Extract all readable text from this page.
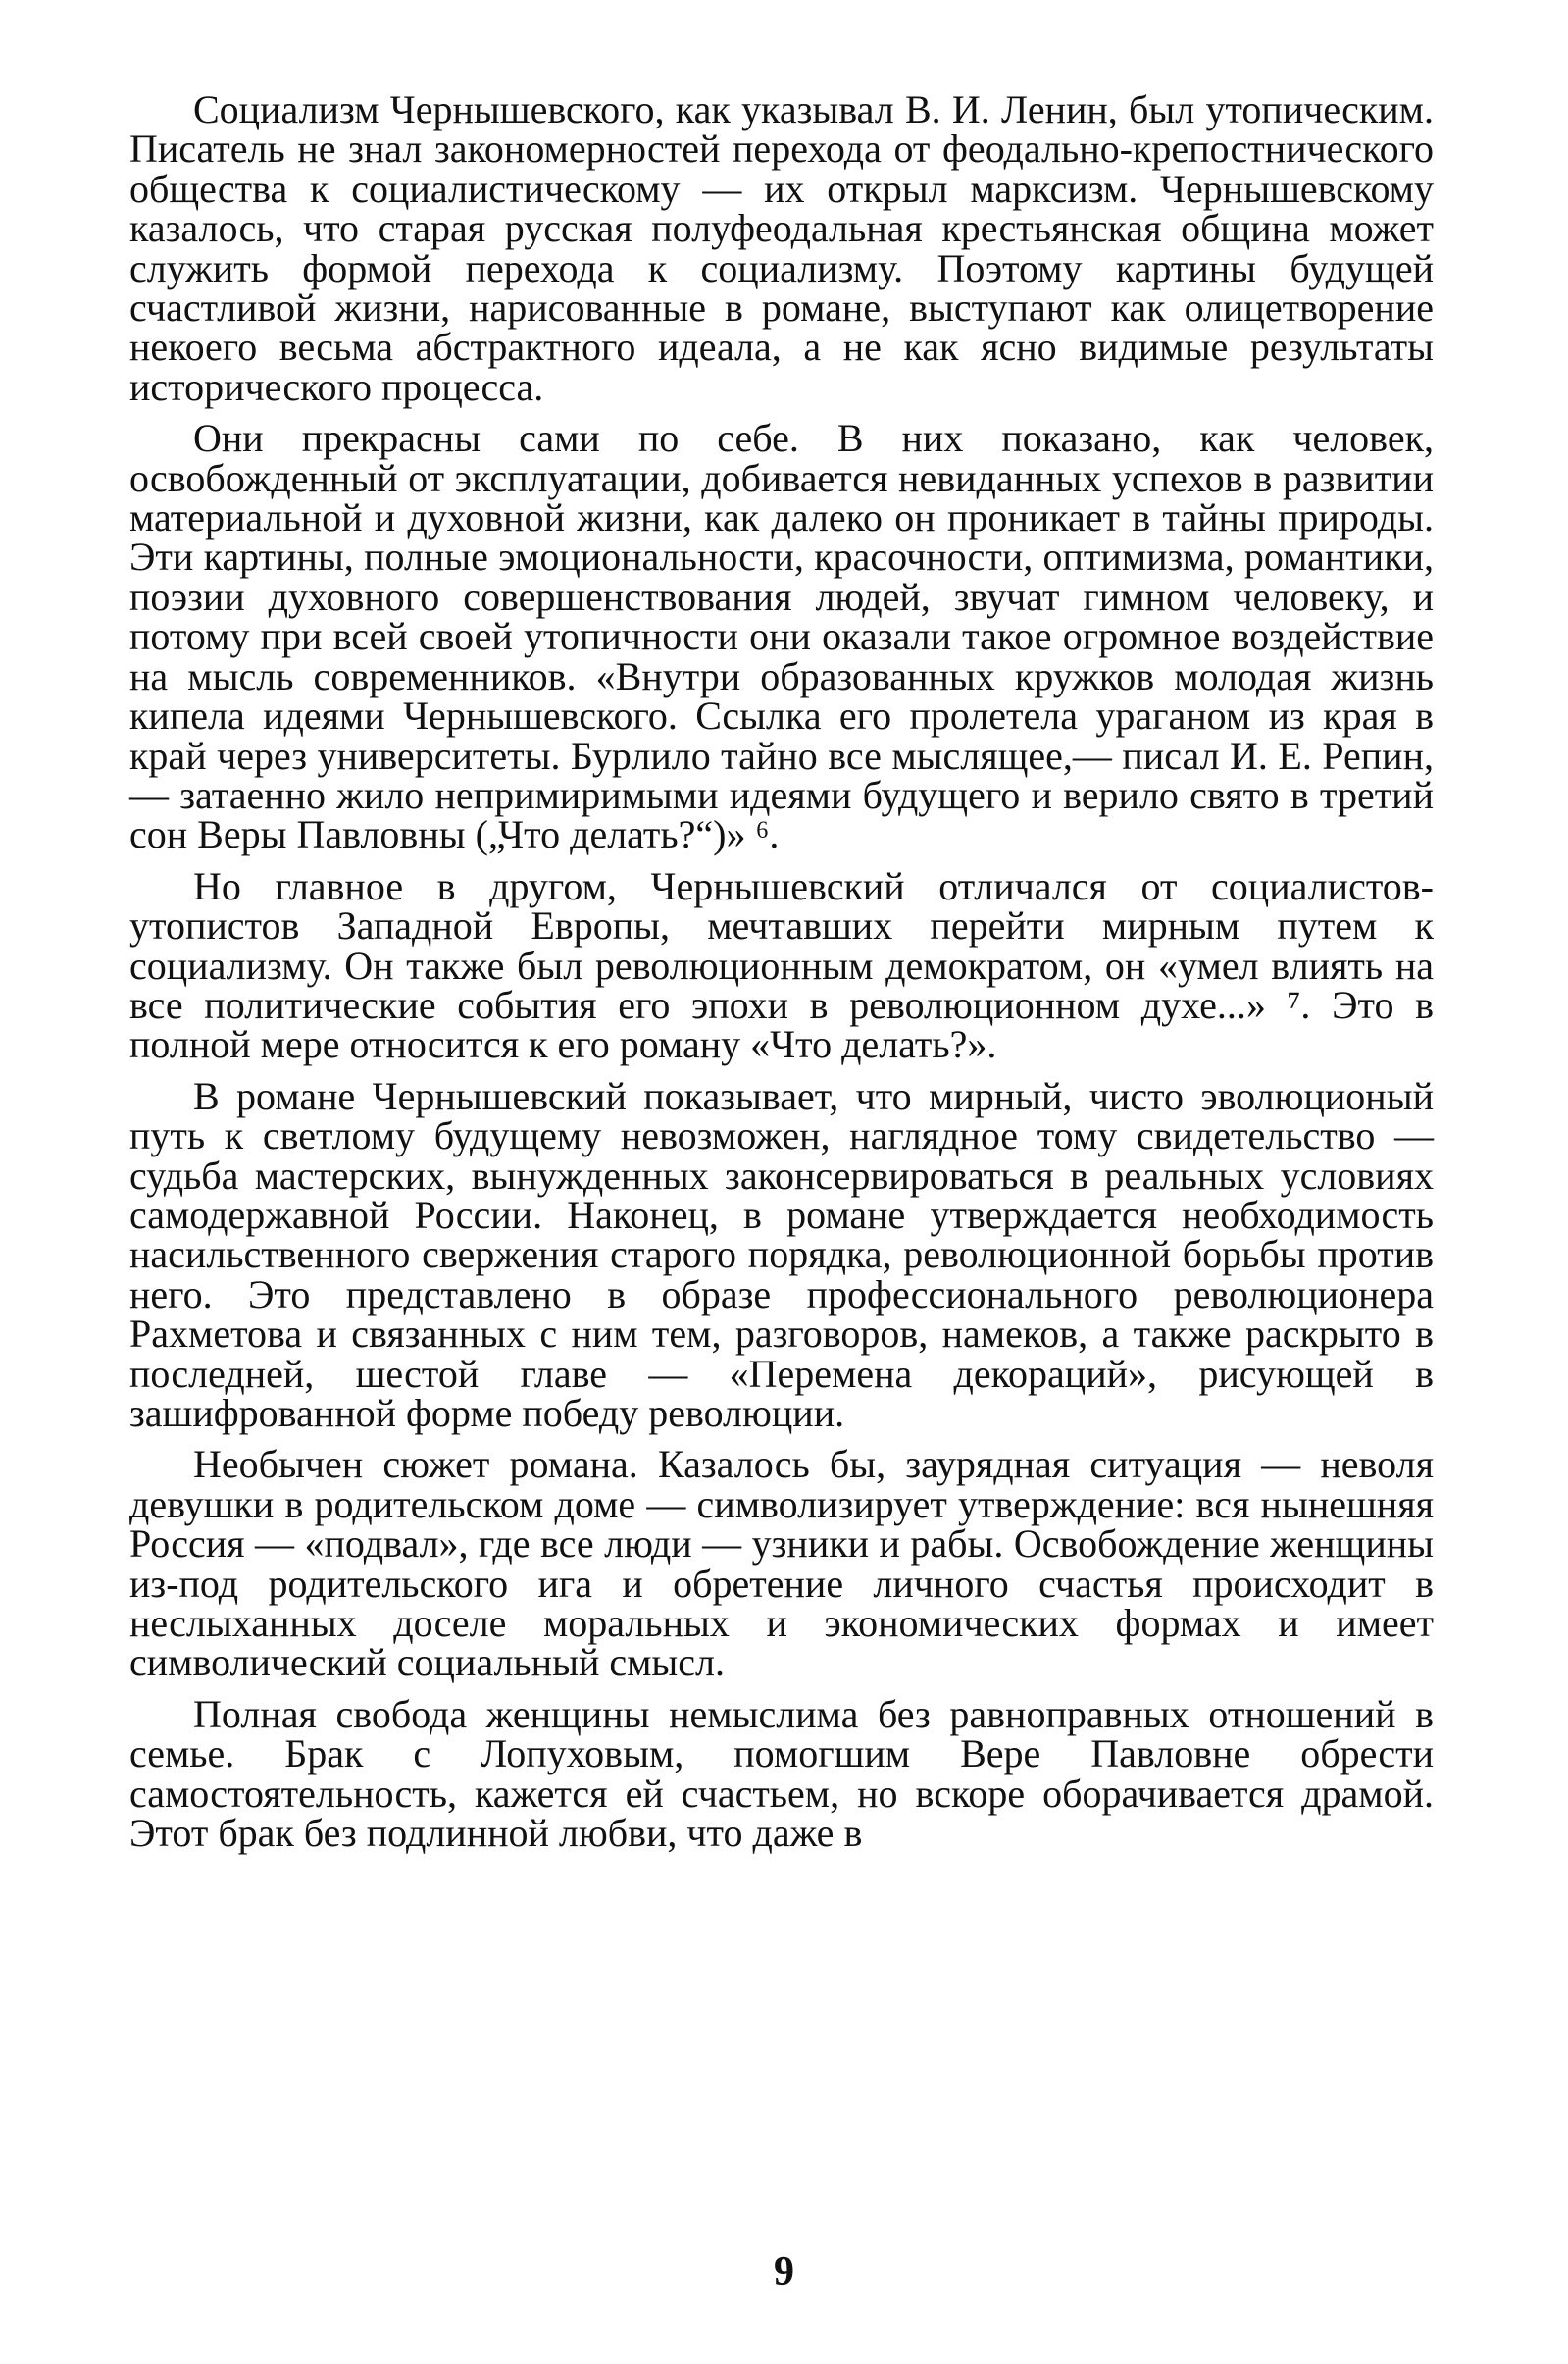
Социализм Чернышевского, как указывал В. И. Ленин, был утопическим. Писатель не знал закономерностей перехода от феодально-крепостнического общества к социалистическому — их открыл марксизм. Чернышевскому казалось, что старая русская полуфеодальная крестьянская община может служить формой перехода к социализму. Поэтому картины будущей счастливой жизни, нарисованные в романе, выступают как олицетворение некоего весьма абстрактного идеала, а не как ясно видимые результаты исторического процесса.

Они прекрасны сами по себе. В них показано, как человек, освобожденный от эксплуатации, добивается невиданных успехов в развитии материальной и духовной жизни, как далеко он проникает в тайны природы. Эти картины, полные эмоциональности, красочности, оптимизма, романтики, поэзии духовного совершенствования людей, звучат гимном человеку, и потому при всей своей утопичности они оказали такое огромное воздействие на мысль современников. «Внутри образованных кружков молодая жизнь кипела идеями Чернышевского. Ссылка его пролетела ураганом из края в край через университеты. Бурлило тайно все мыслящее,— писал И. Е. Репин,— затаенно жило непримиримыми идеями будущего и верило свято в третий сон Веры Павловны („Что делать?“)» ⁶.

Но главное в другом, Чернышевский отличался от социалистов-утопистов Западной Европы, мечтавших перейти мирным путем к социализму. Он также был революционным демократом, он «умел влиять на все политические события его эпохи в революционном духе...» ⁷. Это в полной мере относится к его роману «Что делать?».

В романе Чернышевский показывает, что мирный, чисто эволюционый путь к светлому будущему невозможен, наглядное тому свидетельство — судьба мастерских, вынужденных законсервироваться в реальных условиях самодержавной России. Наконец, в романе утверждается необходимость насильственного свержения старого порядка, революционной борьбы против него. Это представлено в образе профессионального революционера Рахметова и связанных с ним тем, разговоров, намеков, а также раскрыто в последней, шестой главе — «Перемена декораций», рисующей в зашифрованной форме победу революции.

Необычен сюжет романа. Казалось бы, заурядная ситуация — неволя девушки в родительском доме — символизирует утверждение: вся нынешняя Россия — «подвал», где все люди — узники и рабы. Освобождение женщины из-под родительского ига и обретение личного счастья происходит в неслыханных доселе моральных и экономических формах и имеет символический социальный смысл.

Полная свобода женщины немыслима без равноправных отношений в семье. Брак с Лопуховым, помогшим Вере Павловне обрести самостоятельность, кажется ей счастьем, но вскоре оборачивается драмой. Этот брак без подлинной любви, что даже в

9
